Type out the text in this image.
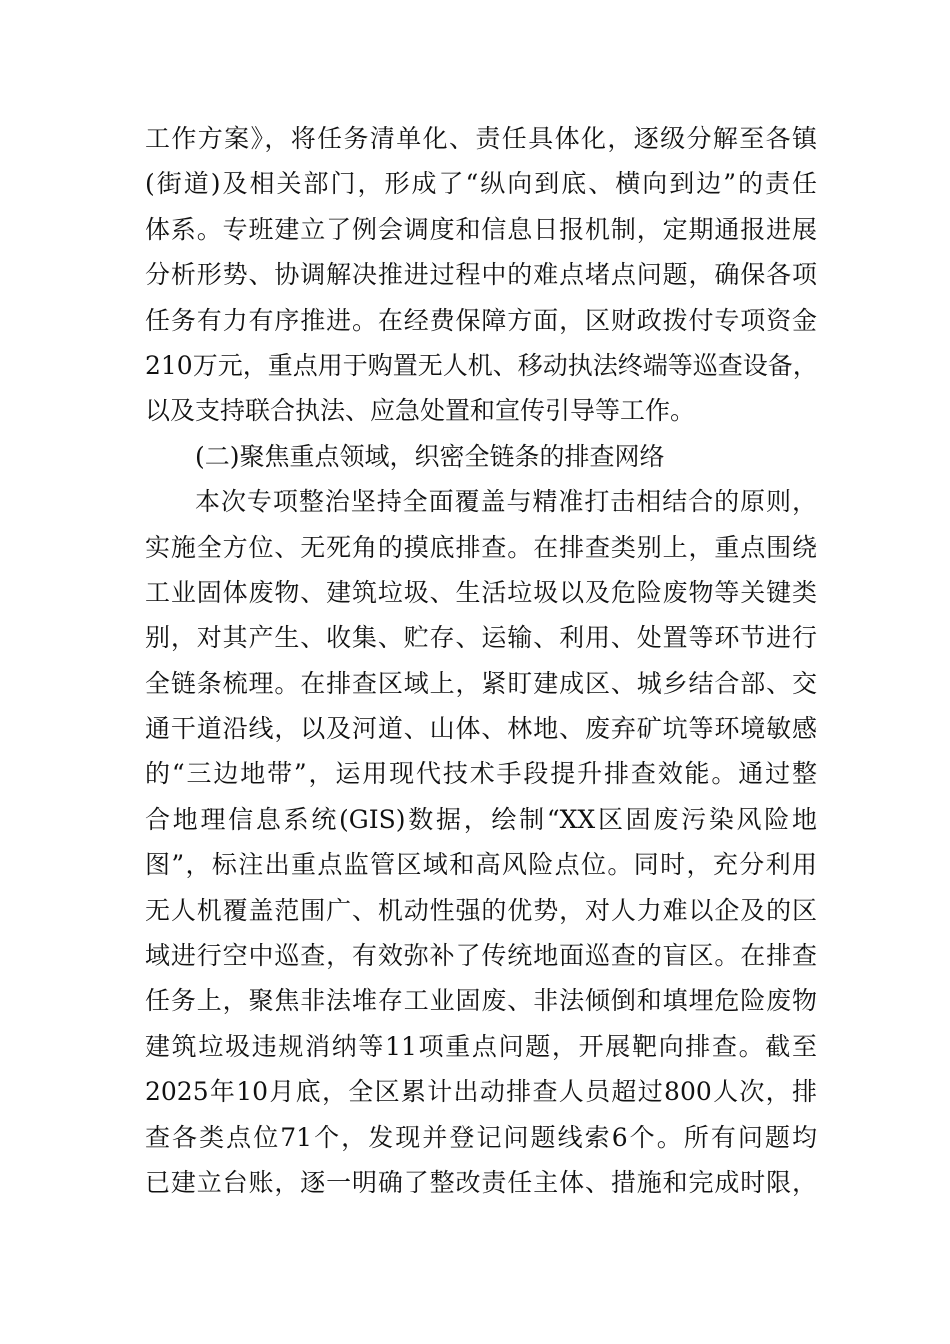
工作方案》，将任务清单化、责任具体化，逐级分解至各镇
(街道)及相关部门，形成了“纵向到底、横向到边”的责任
体系。专班建立了例会调度和信息日报机制，定期通报进展
分析形势、协调解决推进过程中的难点堵点问题，确保各项
任务有力有序推进。在经费保障方面，区财政拨付专项资金
210万元，重点用于购置无人机、移动执法终端等巡查设备，
以及支持联合执法、应急处置和宣传引导等工作。
(二)聚焦重点领域，织密全链条的排查网络
本次专项整治坚持全面覆盖与精准打击相结合的原则，
实施全方位、无死角的摸底排查。在排查类别上，重点围绕
工业固体废物、建筑垃圾、生活垃圾以及危险废物等关键类
别，对其产生、收集、贮存、运输、利用、处置等环节进行
全链条梳理。在排查区域上，紧盯建成区、城乡结合部、交
通干道沿线，以及河道、山体、林地、废弃矿坑等环境敏感
的“三边地带”，运用现代技术手段提升排查效能。通过整
合地理信息系统(GIS)数据，绘制“XX区固废污染风险地
图”，标注出重点监管区域和高风险点位。同时，充分利用
无人机覆盖范围广、机动性强的优势，对人力难以企及的区
域进行空中巡查，有效弥补了传统地面巡查的盲区。在排查
任务上，聚焦非法堆存工业固废、非法倾倒和填埋危险废物
建筑垃圾违规消纳等11项重点问题，开展靶向排查。截至
2025年10月底，全区累计出动排查人员超过800人次，排
查各类点位71个，发现并登记问题线索6个。所有问题均
已建立台账，逐一明确了整改责任主体、措施和完成时限，
